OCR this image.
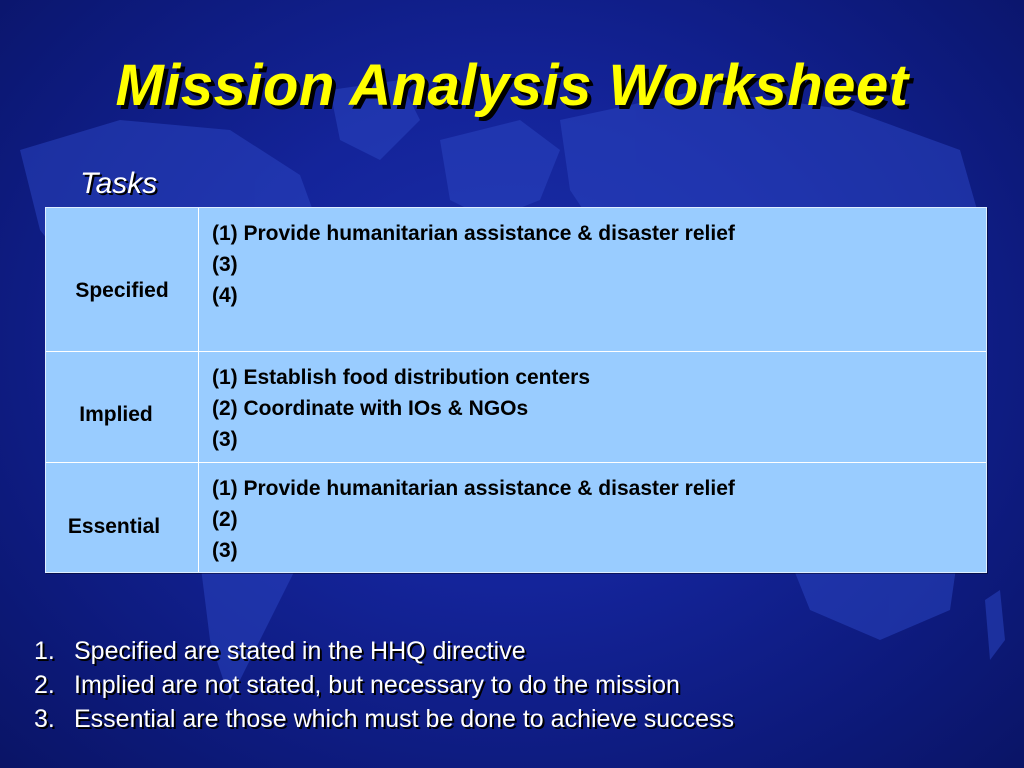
Mission Analysis Worksheet
Tasks
Specified
(1) Provide humanitarian assistance & disaster relief
(3)
(4)
Implied
(1) Establish food distribution centers
(2) Coordinate with IOs & NGOs
(3)
Essential
(1) Provide humanitarian assistance & disaster relief
(2)
(3)
1. Specified are stated in the HHQ directive
2. Implied are not stated, but necessary to do the mission
3. Essential are those which must be done to achieve success
